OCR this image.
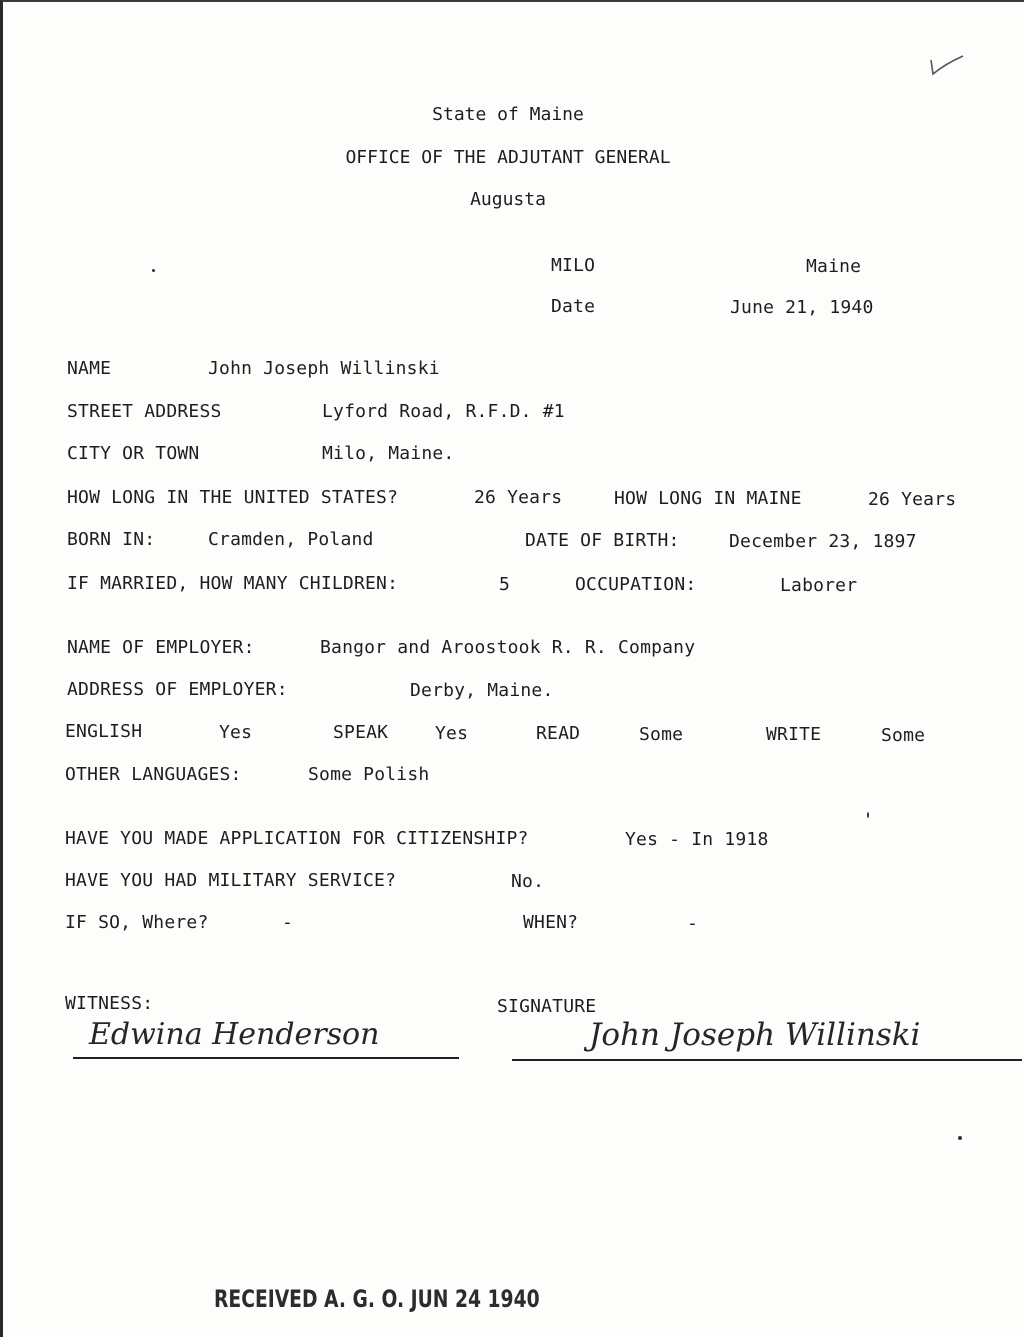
State of Maine
OFFICE OF THE ADJUTANT GENERAL
Augusta
MILO	Maine
Date	June 21, 1940
NAME	John Joseph Willinski
STREET ADDRESS	Lyford Road, R.F.D. #1
CITY OR TOWN	Milo, Maine.
HOW LONG IN THE UNITED STATES?	26 Years	HOW LONG IN MAINE	26 Years
BORN IN:	Cramden, Poland	DATE OF BIRTH:	December 23, 1897
IF MARRIED, HOW MANY CHILDREN:	5	OCCUPATION:	Laborer
NAME OF EMPLOYER:	Bangor and Aroostook R. R. Company
ADDRESS OF EMPLOYER:	Derby, Maine.
ENGLISH	Yes	SPEAK	Yes	READ	Some	WRITE	Some
OTHER LANGUAGES:	Some Polish
HAVE YOU MADE APPLICATION FOR CITIZENSHIP?	Yes - In 1918
HAVE YOU HAD MILITARY SERVICE?	No.
IF SO, Where?	-	WHEN?	-
WITNESS:
Edwina Henderson
SIGNATURE
John Joseph Willinski
RECEIVED A. G. O. JUN 24 1940
